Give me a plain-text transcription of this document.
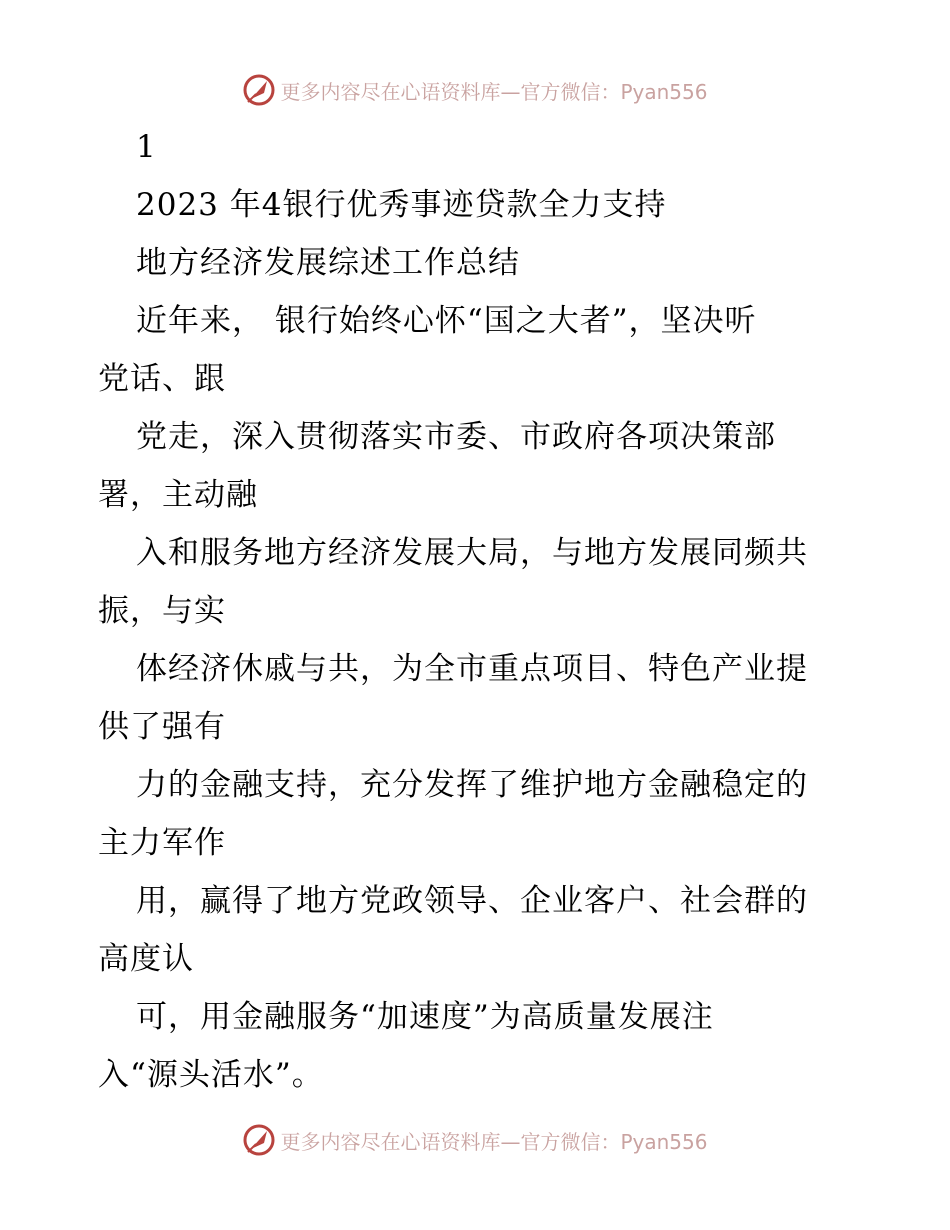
更多内容尽在心语资料库—官方微信：Pyan556
1
2023 年4银行优秀事迹贷款全力支持
地方经济发展综述工作总结
近年来， 银行始终心怀“国之大者”，坚决听
党话、跟
党走，深入贯彻落实市委、市政府各项决策部
署，主动融
入和服务地方经济发展大局，与地方发展同频共
振，与实
体经济休戚与共，为全市重点项目、特色产业提
供了强有
力的金融支持，充分发挥了维护地方金融稳定的
主力军作
用，赢得了地方党政领导、企业客户、社会群的
高度认
可，用金融服务“加速度”为高质量发展注
入“源头活水”。
更多内容尽在心语资料库—官方微信：Pyan556
